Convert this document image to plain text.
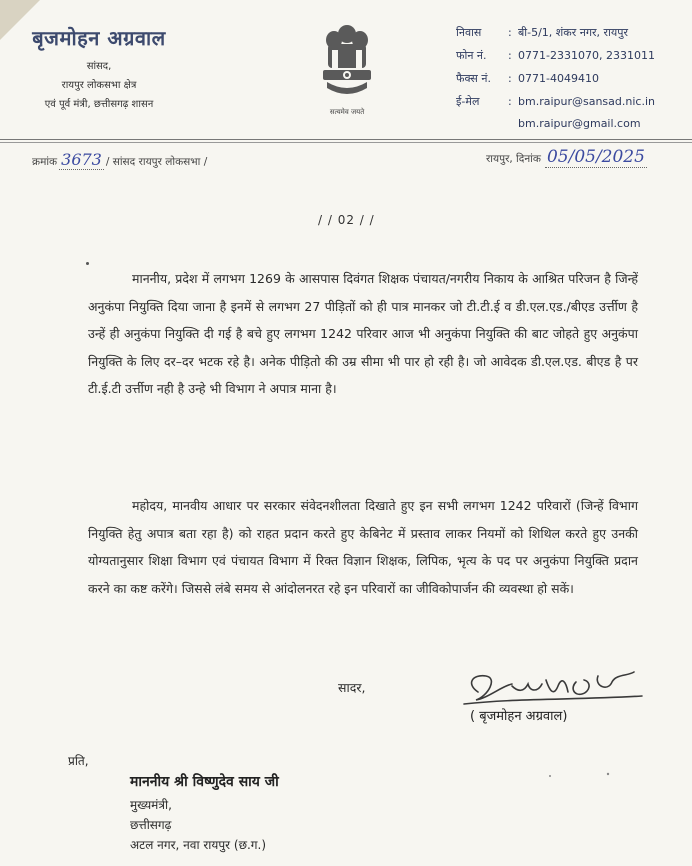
बृजमोहन अग्रवाल
सांसद,
रायपुर लोकसभा क्षेत्र
एवं पूर्व मंत्री, छत्तीसगढ़ शासन
सत्यमेव जयते
निवास	: बी-5/1, शंकर नगर, रायपुर
फोन नं.	: 0771-2331070, 2331011
फैक्स नं.	: 0771-4049410
ई-मेल	: bm.raipur@sansad.nic.in
bm.raipur@gmail.com
क्रमांक 3673 / सांसद रायपुर लोकसभा /	रायपुर, दिनांक 05/05/2025
/ / 02 / /
माननीय, प्रदेश में लगभग 1269 के आसपास दिवंगत शिक्षक पंचायत/नगरीय निकाय के आश्रित परिजन है जिन्हें अनुकंपा नियुक्ति दिया जाना है इनमें से लगभग 27 पीड़ितों को ही पात्र मानकर जो टी.टी.ई व डी.एल.एड./बीएड उर्त्तीण है उन्हें ही अनुकंपा नियुक्ति दी गई है बचे हुए लगभग 1242 परिवार आज भी अनुकंपा नियुक्ति की बाट जोहते हुए अनुकंपा नियुक्ति के लिए दर–दर भटक रहे है। अनेक पीड़ितो की उम्र सीमा भी पार हो रही है। जो आवेदक डी.एल.एड. बीएड है पर टी.ई.टी उर्त्तीण नही है उन्हे भी विभाग ने अपात्र माना है।
महोदय, मानवीय आधार पर सरकार संवेदनशीलता दिखाते हुए इन सभी लगभग 1242 परिवारों (जिन्हें विभाग नियुक्ति हेतु अपात्र बता रहा है) को राहत प्रदान करते हुए केबिनेट में प्रस्ताव लाकर नियमों को शिथिल करते हुए उनकी योग्यतानुसार शिक्षा विभाग एवं पंचायत विभाग में रिक्त विज्ञान शिक्षक, लिपिक, भृत्य के पद पर अनुकंपा नियुक्ति प्रदान करने का कष्ट करेंगे। जिससे लंबे समय से आंदोलनरत रहे इन परिवारों का जीविकोपार्जन की व्यवस्था हो सकें।
सादर,
( बृजमोहन अग्रवाल)
प्रति,
माननीय श्री विष्णुदेव साय जी
मुख्यमंत्री,
छत्तीसगढ़
अटल नगर, नवा रायपुर (छ.ग.)
